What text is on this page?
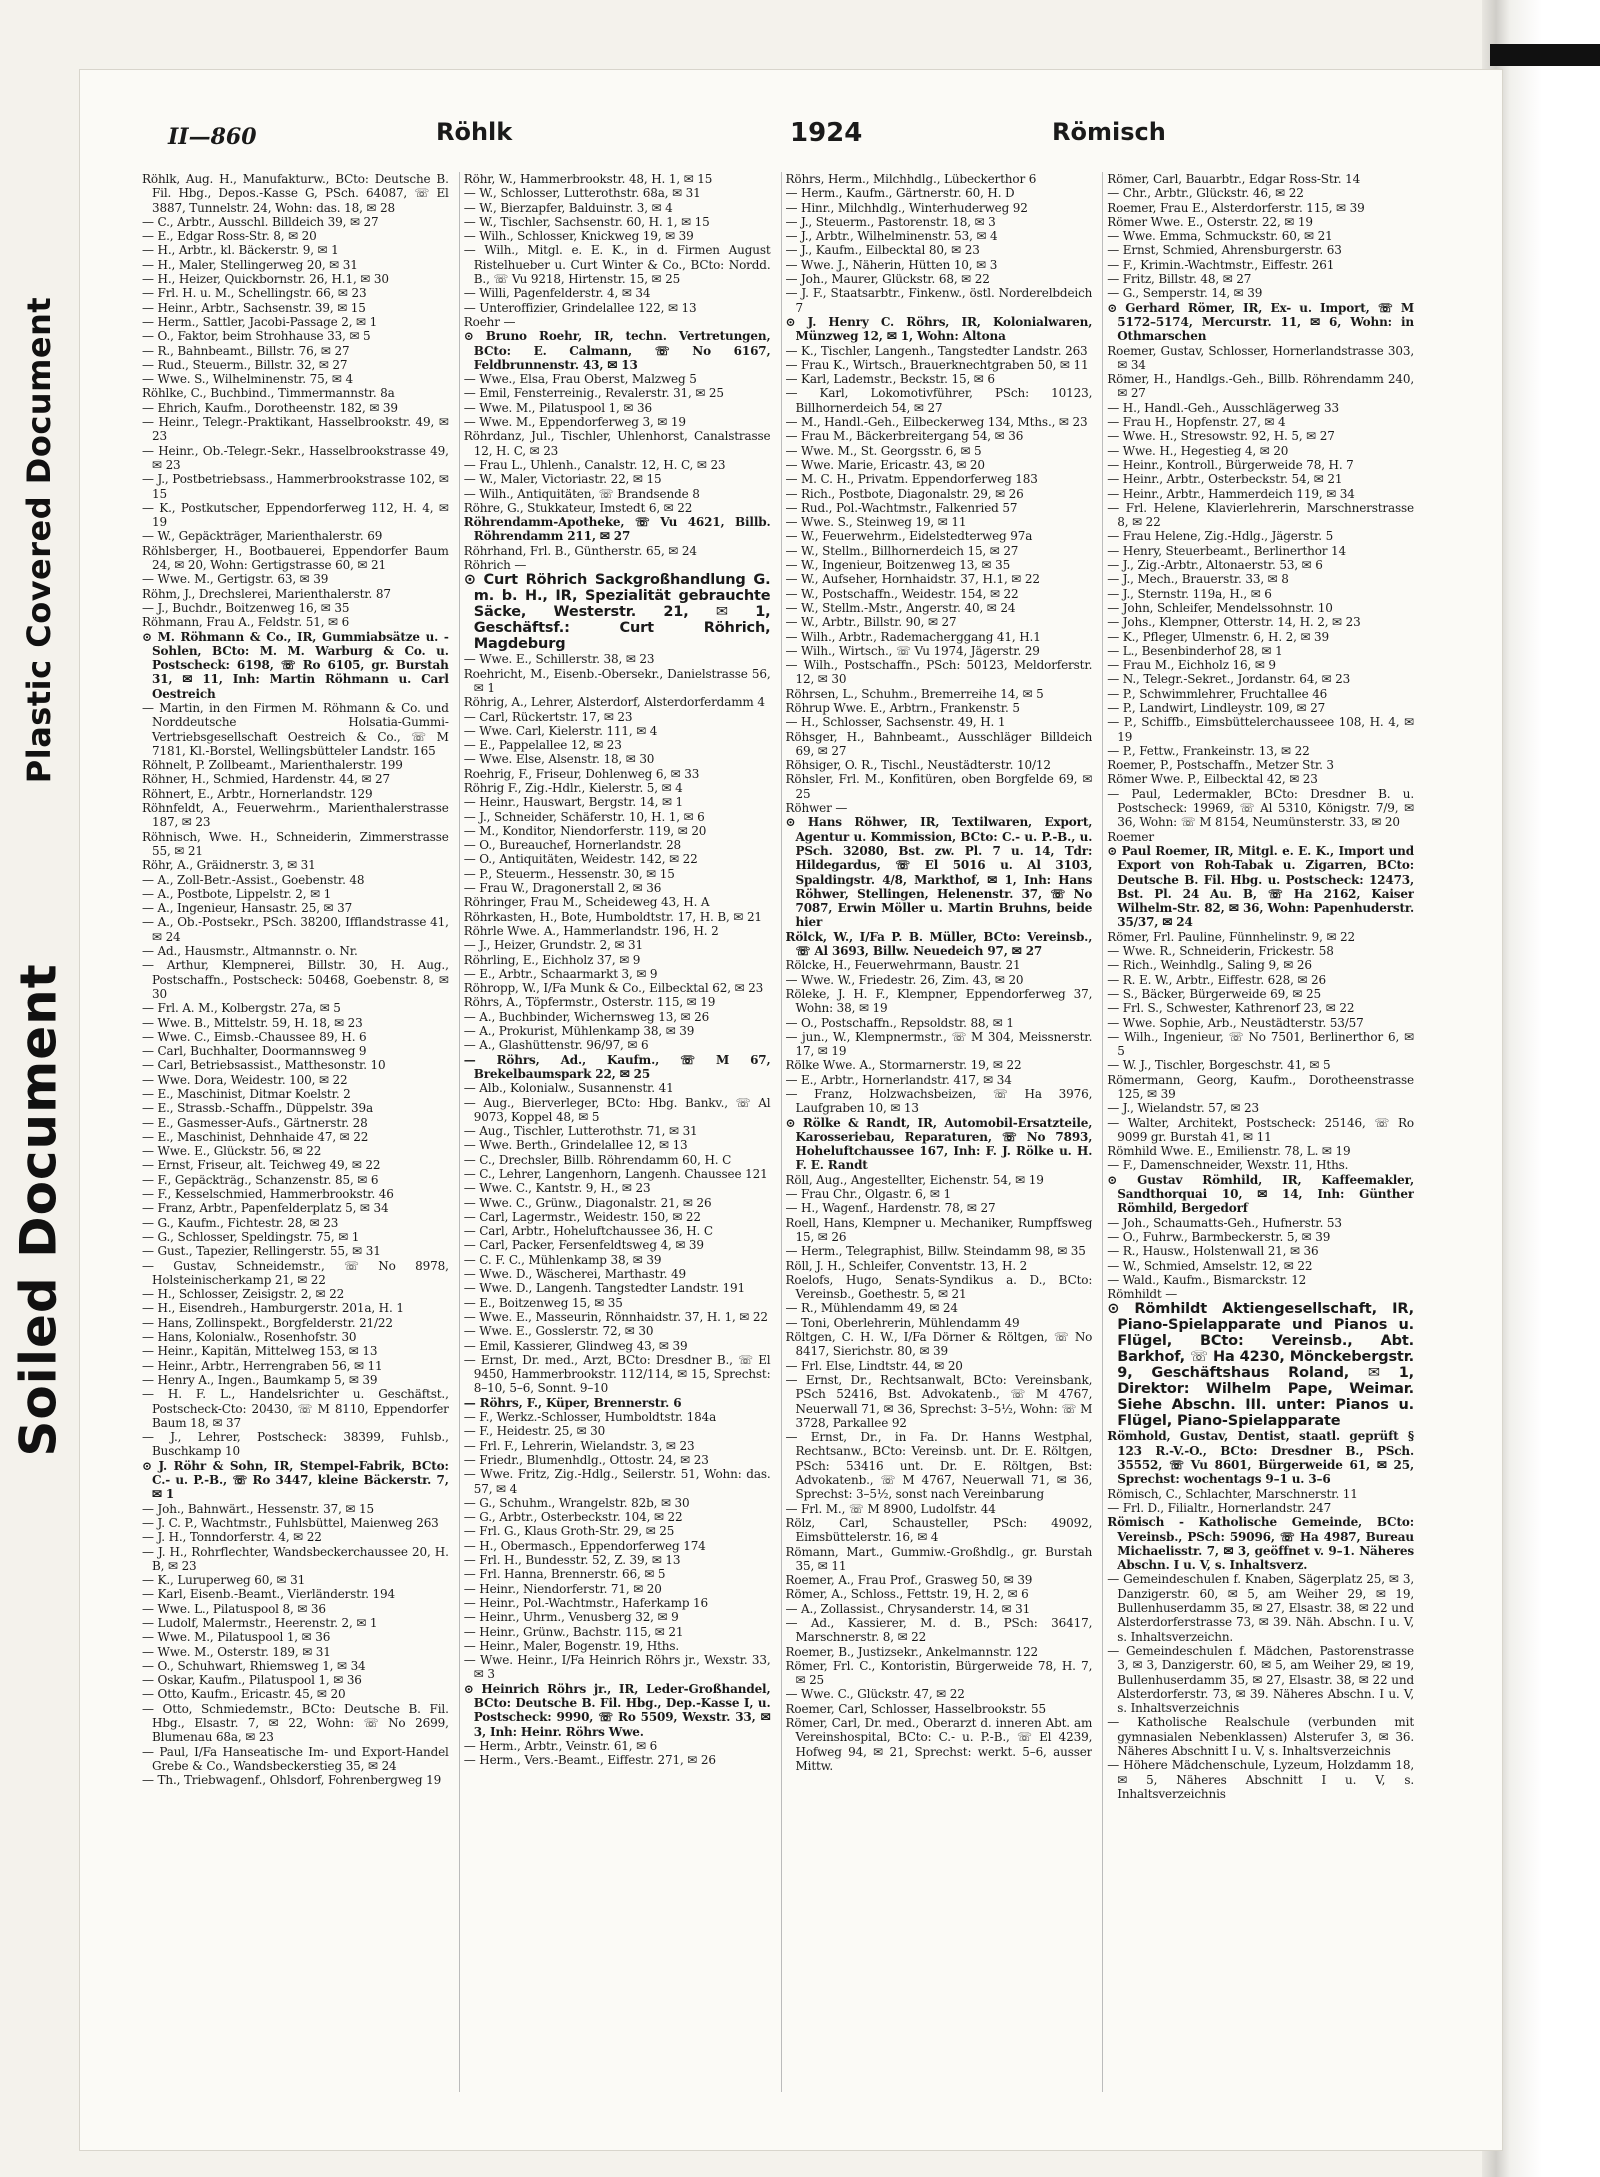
Plastic Covered Document
Soiled Document
II—860	Röhlk	1924	Römisch

Röhlk, Aug. H., Manufakturw., BCto: Deutsche B. Fil. Hbg., Depos.-Kasse G, PSch. 64087, ☏ El 3887, Tunnelstr. 24, Wohn: das. 18, ✉ 28

— C., Arbtr., Ausschl. Billdeich 39, ✉ 27

— E., Edgar Ross-Str. 8, ✉ 20

— H., Arbtr., kl. Bäckerstr. 9, ✉ 1

— H., Maler, Stellingerweg 20, ✉ 31

— H., Heizer, Quickbornstr. 26, H.1, ✉ 30

— Frl. H. u. M., Schellingstr. 66, ✉ 23

— Heinr., Arbtr., Sachsenstr. 39, ✉ 15

— Herm., Sattler, Jacobi-Passage 2, ✉ 1

— O., Faktor, beim Strohhause 33, ✉ 5

— R., Bahnbeamt., Billstr. 76, ✉ 27

— Rud., Steuerm., Billstr. 32, ✉ 27

— Wwe. S., Wilhelminenstr. 75, ✉ 4

Röhlke, C., Buchbind., Timmermannstr. 8a

— Ehrich, Kaufm., Dorotheenstr. 182, ✉ 39

— Heinr., Telegr.-Praktikant, Hasselbrookstr. 49, ✉ 23

— Heinr., Ob.-Telegr.-Sekr., Hasselbrookstrasse 49, ✉ 23

— J., Postbetriebsass., Hammerbrookstrasse 102, ✉ 15

— K., Postkutscher, Eppendorferweg 112, H. 4, ✉ 19

— W., Gepäckträger, Marienthalerstr. 69

Röhlsberger, H., Bootbauerei, Eppendorfer Baum 24, ✉ 20, Wohn: Gertigstrasse 60, ✉ 21

— Wwe. M., Gertigstr. 63, ✉ 39

Röhm, J., Drechslerei, Marienthalerstr. 87

— J., Buchdr., Boitzenweg 16, ✉ 35

Röhmann, Frau A., Feldstr. 51, ✉ 6

⊙ M. Röhmann & Co., IR, Gummiabsätze u. -Sohlen, BCto: M. M. Warburg & Co. u. Postscheck: 6198, ☏ Ro 6105, gr. Burstah 31, ✉ 11, Inh: Martin Röhmann u. Carl Oestreich

— Martin, in den Firmen M. Röhmann & Co. und Norddeutsche Holsatia-Gummi-Vertriebsgesellschaft Oestreich & Co., ☏ M 7181, Kl.-Borstel, Wellingsbütteler Landstr. 165

Röhnelt, P. Zollbeamt., Marienthalerstr. 199

Röhner, H., Schmied, Hardenstr. 44, ✉ 27

Röhnert, E., Arbtr., Hornerlandstr. 129

Röhnfeldt, A., Feuerwehrm., Marienthalerstrasse 187, ✉ 23

Röhnisch, Wwe. H., Schneiderin, Zimmerstrasse 55, ✉ 21

Röhr, A., Gräidnerstr. 3, ✉ 31

— A., Zoll-Betr.-Assist., Goebenstr. 48

— A., Postbote, Lippelstr. 2, ✉ 1

— A., Ingenieur, Hansastr. 25, ✉ 37

— A., Ob.-Postsekr., PSch. 38200, Ifflandstrasse 41, ✉ 24

— Ad., Hausmstr., Altmannstr. o. Nr.

— Arthur, Klempnerei, Billstr. 30, H. Aug., Postschaffn., Postscheck: 50468, Goebenstr. 8, ✉ 30

— Frl. A. M., Kolbergstr. 27a, ✉ 5

— Wwe. B., Mittelstr. 59, H. 18, ✉ 23

— Wwe. C., Eimsb.-Chaussee 89, H. 6

— Carl, Buchhalter, Doormannsweg 9

— Carl, Betriebsassist., Matthesonstr. 10

— Wwe. Dora, Weidestr. 100, ✉ 22

— E., Maschinist, Ditmar Koelstr. 2

— E., Strassb.-Schaffn., Düppelstr. 39a

— E., Gasmesser-Aufs., Gärtnerstr. 28

— E., Maschinist, Dehnhaide 47, ✉ 22

— Wwe. E., Glückstr. 56, ✉ 22

— Ernst, Friseur, alt. Teichweg 49, ✉ 22

— F., Gepäckträg., Schanzenstr. 85, ✉ 6

— F., Kesselschmied, Hammerbrookstr. 46

— Franz, Arbtr., Papenfelderplatz 5, ✉ 34

— G., Kaufm., Fichtestr. 28, ✉ 23

— G., Schlosser, Speldingstr. 75, ✉ 1

— Gust., Tapezier, Rellingerstr. 55, ✉ 31

— Gustav, Schneidemstr., ☏ No 8978, Holsteinischerkamp 21, ✉ 22

— H., Schlosser, Zeisigstr. 2, ✉ 22

— H., Eisendreh., Hamburgerstr. 201a, H. 1

— Hans, Zollinspekt., Borgfelderstr. 21/22

— Hans, Kolonialw., Rosenhofstr. 30

— Heinr., Kapitän, Mittelweg 153, ✉ 13

— Heinr., Arbtr., Herrengraben 56, ✉ 11

— Henry A., Ingen., Baumkamp 5, ✉ 39

— H. F. L., Handelsrichter u. Geschäftst., Postscheck-Cto: 20430, ☏ M 8110, Eppendorfer Baum 18, ✉ 37

— J., Lehrer, Postscheck: 38399, Fuhlsb., Buschkamp 10

⊙ J. Röhr & Sohn, IR, Stempel-Fabrik, BCto: C.- u. P.-B., ☏ Ro 3447, kleine Bäckerstr. 7, ✉ 1

— Joh., Bahnwärt., Hessenstr. 37, ✉ 15

— J. C. P., Wachtmstr., Fuhlsbüttel, Maienweg 263

— J. H., Tonndorferstr. 4, ✉ 22

— J. H., Rohrflechter, Wandsbeckerchaussee 20, H. B, ✉ 23

— K., Luruperweg 60, ✉ 31

— Karl, Eisenb.-Beamt., Vierländerstr. 194

— Wwe. L., Pilatuspool 8, ✉ 36

— Ludolf, Malermstr., Heerenstr. 2, ✉ 1

— Wwe. M., Pilatuspool 1, ✉ 36

— Wwe. M., Osterstr. 189, ✉ 31

— O., Schuhwart, Rhiemsweg 1, ✉ 34

— Oskar, Kaufm., Pilatuspool 1, ✉ 36

— Otto, Kaufm., Ericastr. 45, ✉ 20

— Otto, Schmiedemstr., BCto: Deutsche B. Fil. Hbg., Elsastr. 7, ✉ 22, Wohn: ☏ No 2699, Blumenau 68a, ✉ 23

— Paul, I/Fa Hanseatische Im- und Export-Handel Grebe & Co., Wandsbeckerstieg 35, ✉ 24

— Th., Triebwagenf., Ohlsdorf, Fohrenbergweg 19

Röhr, W., Hammerbrookstr. 48, H. 1, ✉ 15

— W., Schlosser, Lutterothstr. 68a, ✉ 31

— W., Bierzapfer, Balduinstr. 3, ✉ 4

— W., Tischler, Sachsenstr. 60, H. 1, ✉ 15

— Wilh., Schlosser, Knickweg 19, ✉ 39

— Wilh., Mitgl. e. E. K., in d. Firmen August Ristelhueber u. Curt Winter & Co., BCto: Nordd. B., ☏ Vu 9218, Hirtenstr. 15, ✉ 25

— Willi, Pagenfelderstr. 4, ✉ 34

— Unteroffizier, Grindelallee 122, ✉ 13

Roehr —

⊙ Bruno Roehr, IR, techn. Vertretungen, BCto: E. Calmann, ☏ No 6167, Feldbrunnenstr. 43, ✉ 13

— Wwe., Elsa, Frau Oberst, Malzweg 5

— Emil, Fensterreinig., Revalerstr. 31, ✉ 25

— Wwe. M., Pilatuspool 1, ✉ 36

— Wwe. M., Eppendorferweg 3, ✉ 19

Röhrdanz, Jul., Tischler, Uhlenhorst, Canalstrasse 12, H. C, ✉ 23

— Frau L., Uhlenh., Canalstr. 12, H. C, ✉ 23

— W., Maler, Victoriastr. 22, ✉ 15

— Wilh., Antiquitäten, ☏ Brandsende 8

Röhre, G., Stukkateur, Imstedt 6, ✉ 22

Röhrendamm-Apotheke, ☏ Vu 4621, Billb. Röhrendamm 211, ✉ 27

Röhrhand, Frl. B., Güntherstr. 65, ✉ 24

Röhrich —

⊙ Curt Röhrich Sackgroßhandlung G. m. b. H., IR, Spezialität gebrauchte Säcke, Westerstr. 21, ✉ 1, Geschäftsf.: Curt Röhrich, Magdeburg

— Wwe. E., Schillerstr. 38, ✉ 23

Roehricht, M., Eisenb.-Obersekr., Danielstrasse 56, ✉ 1

Röhrig, A., Lehrer, Alsterdorf, Alsterdorferdamm 4

— Carl, Rückertstr. 17, ✉ 23

— Wwe. Carl, Kielerstr. 111, ✉ 4

— E., Pappelallee 12, ✉ 23

— Wwe. Else, Alsenstr. 18, ✉ 30

Roehrig, F., Friseur, Dohlenweg 6, ✉ 33

Röhrig F., Zig.-Hdlr., Kielerstr. 5, ✉ 4

— Heinr., Hauswart, Bergstr. 14, ✉ 1

— J., Schneider, Schäferstr. 10, H. 1, ✉ 6

— M., Konditor, Niendorferstr. 119, ✉ 20

— O., Bureauchef, Hornerlandstr. 28

— O., Antiquitäten, Weidestr. 142, ✉ 22

— P., Steuerm., Hessenstr. 30, ✉ 15

— Frau W., Dragonerstall 2, ✉ 36

Röhringer, Frau M., Scheideweg 43, H. A

Röhrkasten, H., Bote, Humboldtstr. 17, H. B, ✉ 21

Röhrle Wwe. A., Hammerlandstr. 196, H. 2

— J., Heizer, Grundstr. 2, ✉ 31

Röhrling, E., Eichholz 37, ✉ 9

— E., Arbtr., Schaarmarkt 3, ✉ 9

Röhropp, W., I/Fa Munk & Co., Eilbecktal 62, ✉ 23

Röhrs, A., Töpfermstr., Osterstr. 115, ✉ 19

— A., Buchbinder, Wichernsweg 13, ✉ 26

— A., Prokurist, Mühlenkamp 38, ✉ 39

— A., Glashüttenstr. 96/97, ✉ 6

— Röhrs, Ad., Kaufm., ☏ M 67, Brekelbaumspark 22, ✉ 25

— Alb., Kolonialw., Susannenstr. 41

— Aug., Bierverleger, BCto: Hbg. Bankv., ☏ Al 9073, Koppel 48, ✉ 5

— Aug., Tischler, Lutterothstr. 71, ✉ 31

— Wwe. Berth., Grindelallee 12, ✉ 13

— C., Drechsler, Billb. Röhrendamm 60, H. C

— C., Lehrer, Langenhorn, Langenh. Chaussee 121

— Wwe. C., Kantstr. 9, H., ✉ 23

— Wwe. C., Grünw., Diagonalstr. 21, ✉ 26

— Carl, Lagermstr., Weidestr. 150, ✉ 22

— Carl, Arbtr., Hoheluftchaussee 36, H. C

— Carl, Packer, Fersenfeldtsweg 4, ✉ 39

— C. F. C., Mühlenkamp 38, ✉ 39

— Wwe. D., Wäscherei, Marthastr. 49

— Wwe. D., Langenh. Tangstedter Landstr. 191

— E., Boitzenweg 15, ✉ 35

— Wwe. E., Masseurin, Rönnhaidstr. 37, H. 1, ✉ 22

— Wwe. E., Gosslerstr. 72, ✉ 30

— Emil, Kassierer, Glindweg 43, ✉ 39

— Ernst, Dr. med., Arzt, BCto: Dresdner B., ☏ El 9450, Hammerbrookstr. 112/114, ✉ 15, Sprechst: 8–10, 5–6, Sonnt. 9–10

— Röhrs, F., Küper, Brennerstr. 6

— F., Werkz.-Schlosser, Humboldtstr. 184a

— F., Heidestr. 25, ✉ 30

— Frl. F., Lehrerin, Wielandstr. 3, ✉ 23

— Friedr., Blumenhdlg., Ottostr. 24, ✉ 23

— Wwe. Fritz, Zig.-Hdlg., Seilerstr. 51, Wohn: das. 57, ✉ 4

— G., Schuhm., Wrangelstr. 82b, ✉ 30

— G., Arbtr., Osterbeckstr. 104, ✉ 22

— Frl. G., Klaus Groth-Str. 29, ✉ 25

— H., Obermasch., Eppendorferweg 174

— Frl. H., Bundesstr. 52, Z. 39, ✉ 13

— Frl. Hanna, Brennerstr. 66, ✉ 5

— Heinr., Niendorferstr. 71, ✉ 20

— Heinr., Pol.-Wachtmstr., Haferkamp 16

— Heinr., Uhrm., Venusberg 32, ✉ 9

— Heinr., Grünw., Bachstr. 115, ✉ 21

— Heinr., Maler, Bogenstr. 19, Hths.

— Wwe. Heinr., I/Fa Heinrich Röhrs jr., Wexstr. 33, ✉ 3

⊙ Heinrich Röhrs jr., IR, Leder-Großhandel, BCto: Deutsche B. Fil. Hbg., Dep.-Kasse I, u. Postscheck: 9990, ☏ Ro 5509, Wexstr. 33, ✉ 3, Inh: Heinr. Röhrs Wwe.

— Herm., Arbtr., Veinstr. 61, ✉ 6

— Herm., Vers.-Beamt., Eiffestr. 271, ✉ 26

Röhrs, Herm., Milchhdlg., Lübeckerthor 6

— Herm., Kaufm., Gärtnerstr. 60, H. D

— Hinr., Milchhdlg., Winterhuderweg 92

— J., Steuerm., Pastorenstr. 18, ✉ 3

— J., Arbtr., Wilhelminenstr. 53, ✉ 4

— J., Kaufm., Eilbecktal 80, ✉ 23

— Wwe. J., Näherin, Hütten 10, ✉ 3

— Joh., Maurer, Glückstr. 68, ✉ 22

— J. F., Staatsarbtr., Finkenw., östl. Norderelbdeich 7

⊙ J. Henry C. Röhrs, IR, Kolonialwaren, Münzweg 12, ✉ 1, Wohn: Altona

— K., Tischler, Langenh., Tangstedter Landstr. 263

— Frau K., Wirtsch., Brauerknechtgraben 50, ✉ 11

— Karl, Lademstr., Beckstr. 15, ✉ 6

— Karl, Lokomotivführer, PSch: 10123, Billhornerdeich 54, ✉ 27

— M., Handl.-Geh., Eilbeckerweg 134, Mths., ✉ 23

— Frau M., Bäckerbreitergang 54, ✉ 36

— Wwe. M., St. Georgsstr. 6, ✉ 5

— Wwe. Marie, Ericastr. 43, ✉ 20

— M. C. H., Privatm. Eppendorferweg 183

— Rich., Postbote, Diagonalstr. 29, ✉ 26

— Rud., Pol.-Wachtmstr., Falkenried 57

— Wwe. S., Steinweg 19, ✉ 11

— W., Feuerwehrm., Eidelstedterweg 97a

— W., Stellm., Billhornerdeich 15, ✉ 27

— W., Ingenieur, Boitzenweg 13, ✉ 35

— W., Aufseher, Hornhaidstr. 37, H.1, ✉ 22

— W., Postschaffn., Weidestr. 154, ✉ 22

— W., Stellm.-Mstr., Angerstr. 40, ✉ 24

— W., Arbtr., Billstr. 90, ✉ 27

— Wilh., Arbtr., Rademacherggang 41, H.1

— Wilh., Wirtsch., ☏ Vu 1974, Jägerstr. 29

— Wilh., Postschaffn., PSch: 50123, Meldorferstr. 12, ✉ 30

Röhrsen, L., Schuhm., Bremerreihe 14, ✉ 5

Röhrup Wwe. E., Arbtrn., Frankenstr. 5

— H., Schlosser, Sachsenstr. 49, H. 1

Röhsger, H., Bahnbeamt., Ausschläger Billdeich 69, ✉ 27

Röhsiger, O. R., Tischl., Neustädterstr. 10/12

Röhsler, Frl. M., Konfitüren, oben Borgfelde 69, ✉ 25

Röhwer —

⊙ Hans Röhwer, IR, Textilwaren, Export, Agentur u. Kommission, BCto: C.- u. P.-B., u. PSch. 32080, Bst. zw. Pl. 7 u. 14, Tdr: Hildegardus, ☏ El 5016 u. Al 3103, Spaldingstr. 4/8, Markthof, ✉ 1, Inh: Hans Röhwer, Stellingen, Helenenstr. 37, ☏ No 7087, Erwin Möller u. Martin Bruhns, beide hier

Rölck, W., I/Fa P. B. Müller, BCto: Vereinsb., ☏ Al 3693, Billw. Neuedeich 97, ✉ 27

Rölcke, H., Feuerwehrmann, Baustr. 21

— Wwe. W., Friedestr. 26, Zim. 43, ✉ 20

Röleke, J. H. F., Klempner, Eppendorferweg 37, Wohn: 38, ✉ 19

— O., Postschaffn., Repsoldstr. 88, ✉ 1

— jun., W., Klempnermstr., ☏ M 304, Meissnerstr. 17, ✉ 19

Rölke Wwe. A., Stormarnerstr. 19, ✉ 22

— E., Arbtr., Hornerlandstr. 417, ✉ 34

— Franz, Holzwachsbeizen, ☏ Ha 3976, Laufgraben 10, ✉ 13

⊙ Rölke & Randt, IR, Automobil-Ersatzteile, Karosseriebau, Reparaturen, ☏ No 7893, Hoheluftchaussee 167, Inh: F. J. Rölke u. H. F. E. Randt

Röll, Aug., Angestellter, Eichenstr. 54, ✉ 19

— Frau Chr., Olgastr. 6, ✉ 1

— H., Wagenf., Hardenstr. 78, ✉ 27

Roell, Hans, Klempner u. Mechaniker, Rumpffsweg 15, ✉ 26

— Herm., Telegraphist, Billw. Steindamm 98, ✉ 35

Röll, J. H., Schleifer, Conventstr. 13, H. 2

Roelofs, Hugo, Senats-Syndikus a. D., BCto: Vereinsb., Goethestr. 5, ✉ 21

— R., Mühlendamm 49, ✉ 24

— Toni, Oberlehrerin, Mühlendamm 49

Röltgen, C. H. W., I/Fa Dörner & Röltgen, ☏ No 8417, Sierichstr. 80, ✉ 39

— Frl. Else, Lindtstr. 44, ✉ 20

— Ernst, Dr., Rechtsanwalt, BCto: Vereinsbank, PSch 52416, Bst. Advokatenb., ☏ M 4767, Neuerwall 71, ✉ 36, Sprechst: 3–5½, Wohn: ☏ M 3728, Parkallee 92

— Ernst, Dr., in Fa. Dr. Hanns Westphal, Rechtsanw., BCto: Vereinsb. unt. Dr. E. Röltgen, PSch: 53416 unt. Dr. E. Röltgen, Bst: Advokatenb., ☏ M 4767, Neuerwall 71, ✉ 36, Sprechst: 3–5½, sonst nach Vereinbarung

— Frl. M., ☏ M 8900, Ludolfstr. 44

Rölz, Carl, Schausteller, PSch: 49092, Eimsbüttelerstr. 16, ✉ 4

Römann, Mart., Gummiw.-Großhdlg., gr. Burstah 35, ✉ 11

Roemer, A., Frau Prof., Grasweg 50, ✉ 39

Römer, A., Schloss., Fettstr. 19, H. 2, ✉ 6

— A., Zollassist., Chrysanderstr. 14, ✉ 31

— Ad., Kassierer, M. d. B., PSch: 36417, Marschnerstr. 8, ✉ 22

Roemer, B., Justizsekr., Ankelmannstr. 122

Römer, Frl. C., Kontoristin, Bürgerweide 78, H. 7, ✉ 25

— Wwe. C., Glückstr. 47, ✉ 22

Roemer, Carl, Schlosser, Hasselbrookstr. 55

Römer, Carl, Dr. med., Oberarzt d. inneren Abt. am Vereinshospital, BCto: C.- u. P.-B., ☏ El 4239, Hofweg 94, ✉ 21, Sprechst: werkt. 5–6, ausser Mittw.

Römer, Carl, Bauarbtr., Edgar Ross-Str. 14

— Chr., Arbtr., Glückstr. 46, ✉ 22

Roemer, Frau E., Alsterdorferstr. 115, ✉ 39

Römer Wwe. E., Osterstr. 22, ✉ 19

— Wwe. Emma, Schmuckstr. 60, ✉ 21

— Ernst, Schmied, Ahrensburgerstr. 63

— F., Krimin.-Wachtmstr., Eiffestr. 261

— Fritz, Billstr. 48, ✉ 27

— G., Semperstr. 14, ✉ 39

⊙ Gerhard Römer, IR, Ex- u. Import, ☏ M 5172–5174, Mercurstr. 11, ✉ 6, Wohn: in Othmarschen

Roemer, Gustav, Schlosser, Hornerlandstrasse 303, ✉ 34

Römer, H., Handlgs.-Geh., Billb. Röhrendamm 240, ✉ 27

— H., Handl.-Geh., Ausschlägerweg 33

— Frau H., Hopfenstr. 27, ✉ 4

— Wwe. H., Stresowstr. 92, H. 5, ✉ 27

— Wwe. H., Hegestieg 4, ✉ 20

— Heinr., Kontroll., Bürgerweide 78, H. 7

— Heinr., Arbtr., Osterbeckstr. 54, ✉ 21

— Heinr., Arbtr., Hammerdeich 119, ✉ 34

— Frl. Helene, Klavierlehrerin, Marschnerstrasse 8, ✉ 22

— Frau Helene, Zig.-Hdlg., Jägerstr. 5

— Henry, Steuerbeamt., Berlinerthor 14

— J., Zig.-Arbtr., Altonaerstr. 53, ✉ 6

— J., Mech., Brauerstr. 33, ✉ 8

— J., Sternstr. 119a, H., ✉ 6

— John, Schleifer, Mendelssohnstr. 10

— Johs., Klempner, Otterstr. 14, H. 2, ✉ 23

— K., Pfleger, Ulmenstr. 6, H. 2, ✉ 39

— L., Besenbinderhof 28, ✉ 1

— Frau M., Eichholz 16, ✉ 9

— N., Telegr.-Sekret., Jordanstr. 64, ✉ 23

— P., Schwimmlehrer, Fruchtallee 46

— P., Landwirt, Lindleystr. 109, ✉ 27

— P., Schiffb., Eimsbüttelerchausseee 108, H. 4, ✉ 19

— P., Fettw., Frankeinstr. 13, ✉ 22

Roemer, P., Postschaffn., Metzer Str. 3

Römer Wwe. P., Eilbecktal 42, ✉ 23

— Paul, Ledermakler, BCto: Dresdner B. u. Postscheck: 19969, ☏ Al 5310, Königstr. 7/9, ✉ 36, Wohn: ☏ M 8154, Neumünsterstr. 33, ✉ 20

Roemer

⊙ Paul Roemer, IR, Mitgl. e. E. K., Import und Export von Roh-Tabak u. Zigarren, BCto: Deutsche B. Fil. Hbg. u. Postscheck: 12473, Bst. Pl. 24 Au. B, ☏ Ha 2162, Kaiser Wilhelm-Str. 82, ✉ 36, Wohn: Papenhuderstr. 35/37, ✉ 24

Römer, Frl. Pauline, Fünnhelinstr. 9, ✉ 22

— Wwe. R., Schneiderin, Frickestr. 58

— Rich., Weinhdlg., Saling 9, ✉ 26

— R. E. W., Arbtr., Eiffestr. 628, ✉ 26

— S., Bäcker, Bürgerweide 69, ✉ 25

— Frl. S., Schwester, Kathrenorf 23, ✉ 22

— Wwe. Sophie, Arb., Neustädterstr. 53/57

— Wilh., Ingenieur, ☏ No 7501, Berlinerthor 6, ✉ 5

— W. J., Tischler, Borgeschstr. 41, ✉ 5

Römermann, Georg, Kaufm., Dorotheenstrasse 125, ✉ 39

— J., Wielandstr. 57, ✉ 23

— Walter, Architekt, Postscheck: 25146, ☏ Ro 9099 gr. Burstah 41, ✉ 11

Römhild Wwe. E., Emilienstr. 78, L. ✉ 19

— F., Damenschneider, Wexstr. 11, Hths.

⊙ Gustav Römhild, IR, Kaffeemakler, Sandthorquai 10, ✉ 14, Inh: Günther Römhild, Bergedorf

— Joh., Schaumatts-Geh., Hufnerstr. 53

— O., Fuhrw., Barmbeckerstr. 5, ✉ 39

— R., Hausw., Holstenwall 21, ✉ 36

— W., Schmied, Amselstr. 12, ✉ 22

— Wald., Kaufm., Bismarckstr. 12

Römhildt —

⊙ Römhildt Aktiengesellschaft, IR, Piano-Spielapparate und Pianos u. Flügel, BCto: Vereinsb., Abt. Barkhof, ☏ Ha 4230, Mönckebergstr. 9, Geschäftshaus Roland, ✉ 1, Direktor: Wilhelm Pape, Weimar. Siehe Abschn. III. unter: Pianos u. Flügel, Piano-Spielapparate

Römhold, Gustav, Dentist, staatl. geprüft § 123 R.-V.-O., BCto: Dresdner B., PSch. 35552, ☏ Vu 8601, Bürgerweide 61, ✉ 25, Sprechst: wochentags 9–1 u. 3–6

Römisch, C., Schlachter, Marschnerstr. 11

— Frl. D., Filialtr., Hornerlandstr. 247

Römisch - Katholische Gemeinde, BCto: Vereinsb., PSch: 59096, ☏ Ha 4987, Bureau Michaelisstr. 7, ✉ 3, geöffnet v. 9–1. Näheres Abschn. I u. V, s. Inhaltsverz.

— Gemeindeschulen f. Knaben, Sägerplatz 25, ✉ 3, Danzigerstr. 60, ✉ 5, am Weiher 29, ✉ 19, Bullenhuserdamm 35, ✉ 27, Elsastr. 38, ✉ 22 und Alsterdorferstrasse 73, ✉ 39. Näh. Abschn. I u. V, s. Inhaltsverzeichn.

— Gemeindeschulen f. Mädchen, Pastorenstrasse 3, ✉ 3, Danzigerstr. 60, ✉ 5, am Weiher 29, ✉ 19, Bullenhuserdamm 35, ✉ 27, Elsastr. 38, ✉ 22 und Alsterdorferstr. 73, ✉ 39. Näheres Abschn. I u. V, s. Inhaltsverzeichnis

— Katholische Realschule (verbunden mit gymnasialen Nebenklassen) Alsterufer 3, ✉ 36. Näheres Abschnitt I u. V, s. Inhaltsverzeichnis

— Höhere Mädchenschule, Lyzeum, Holzdamm 18, ✉ 5, Näheres Abschnitt I u. V, s. Inhaltsverzeichnis
